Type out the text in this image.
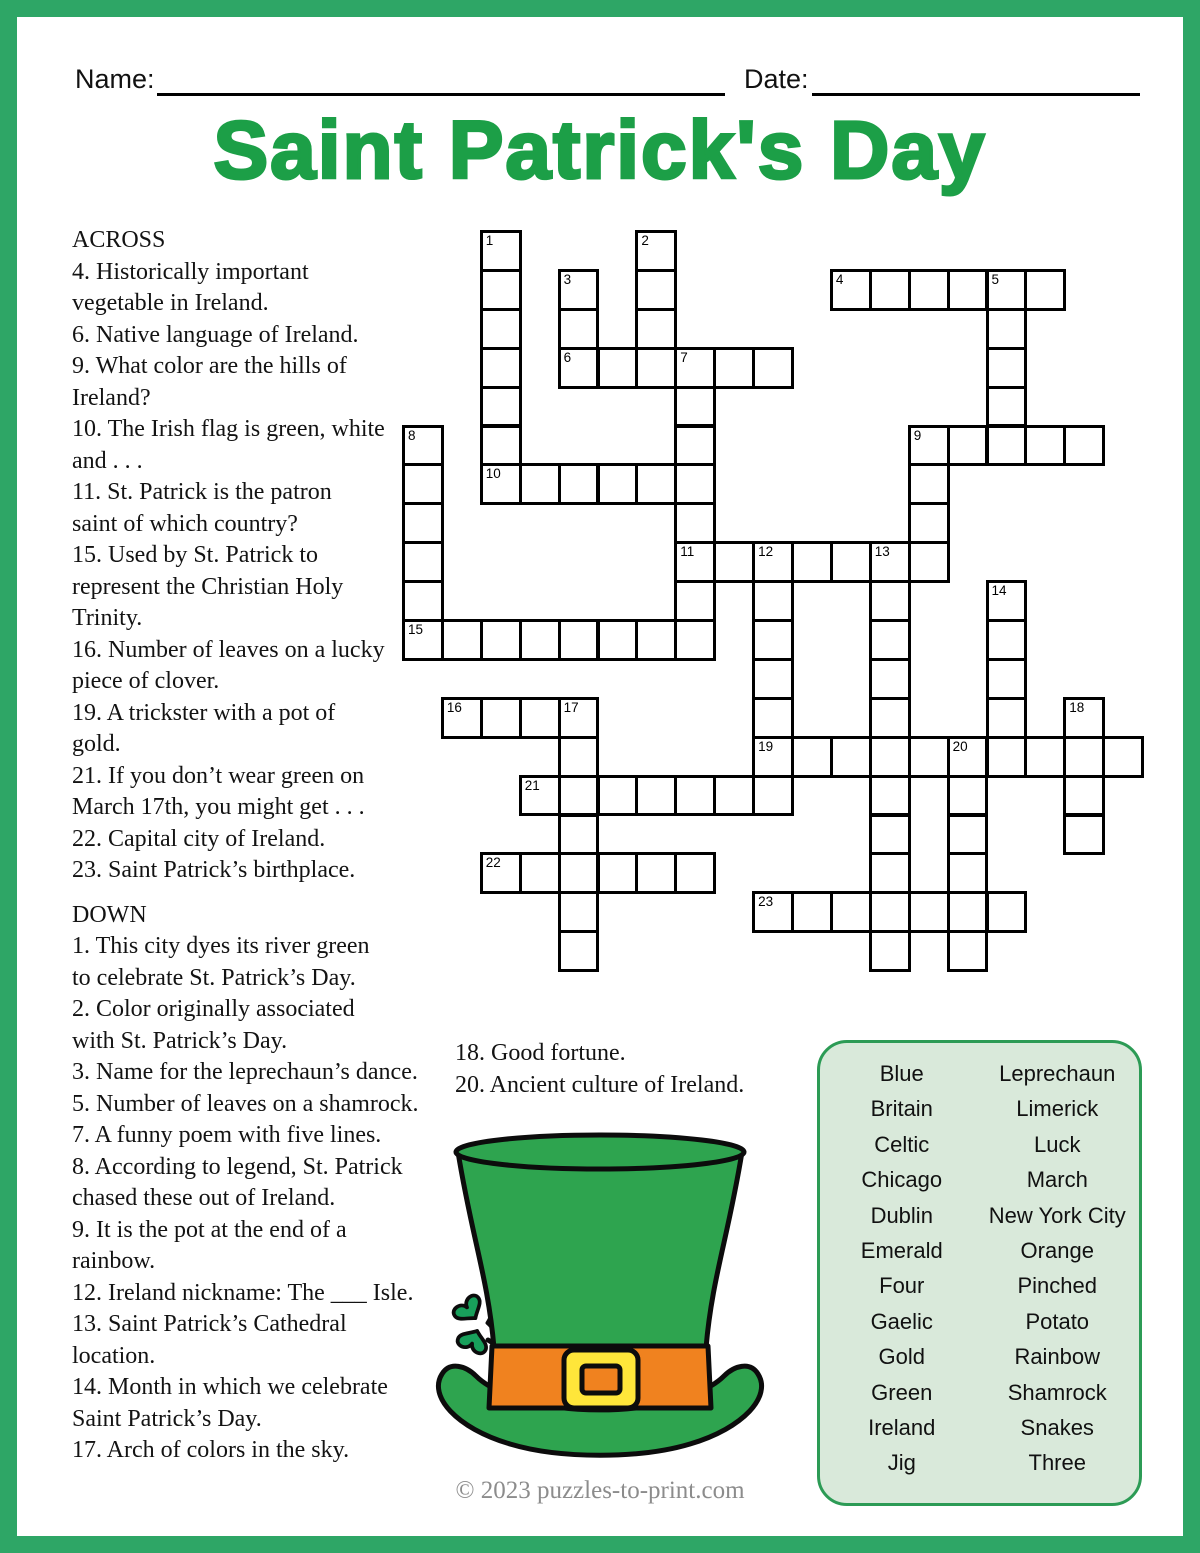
Name:	Date:
Saint Patrick's Day
ACROSS
4. Historically important
vegetable in Ireland.
6. Native language of Ireland.
9. What color are the hills of
Ireland?
10. The Irish flag is green, white
and . . .
11. St. Patrick is the patron
saint of which country?
15. Used by St. Patrick to
represent the Christian Holy
Trinity.
16. Number of leaves on a lucky
piece of clover.
19. A trickster with a pot of
gold.
21. If you don’t wear green on
March 17th, you might get . . .
22. Capital city of Ireland.
23. Saint Patrick’s birthplace.
DOWN
1. This city dyes its river green
to celebrate St. Patrick’s Day.
2. Color originally associated
with St. Patrick’s Day.
3. Name for the leprechaun’s dance.
5. Number of leaves on a shamrock.
7. A funny poem with five lines.
8. According to legend, St. Patrick
chased these out of Ireland.
9. It is the pot at the end of a
rainbow.
12. Ireland nickname: The ___ Isle.
13. Saint Patrick’s Cathedral
location.
14. Month in which we celebrate
Saint Patrick’s Day.
17. Arch of colors in the sky.
18. Good fortune.
20. Ancient culture of Ireland.
4	5
6	7
9
10
11	12	13
15
16	17
19	20
21
22
23
1	2
3
8
14
18
Blue
Britain
Celtic
Chicago
Dublin
Emerald
Four
Gaelic
Gold
Green
Ireland
Jig
Leprechaun
Limerick
Luck
March
New York City
Orange
Pinched
Potato
Rainbow
Shamrock
Snakes
Three
© 2023 puzzles-to-print.com
